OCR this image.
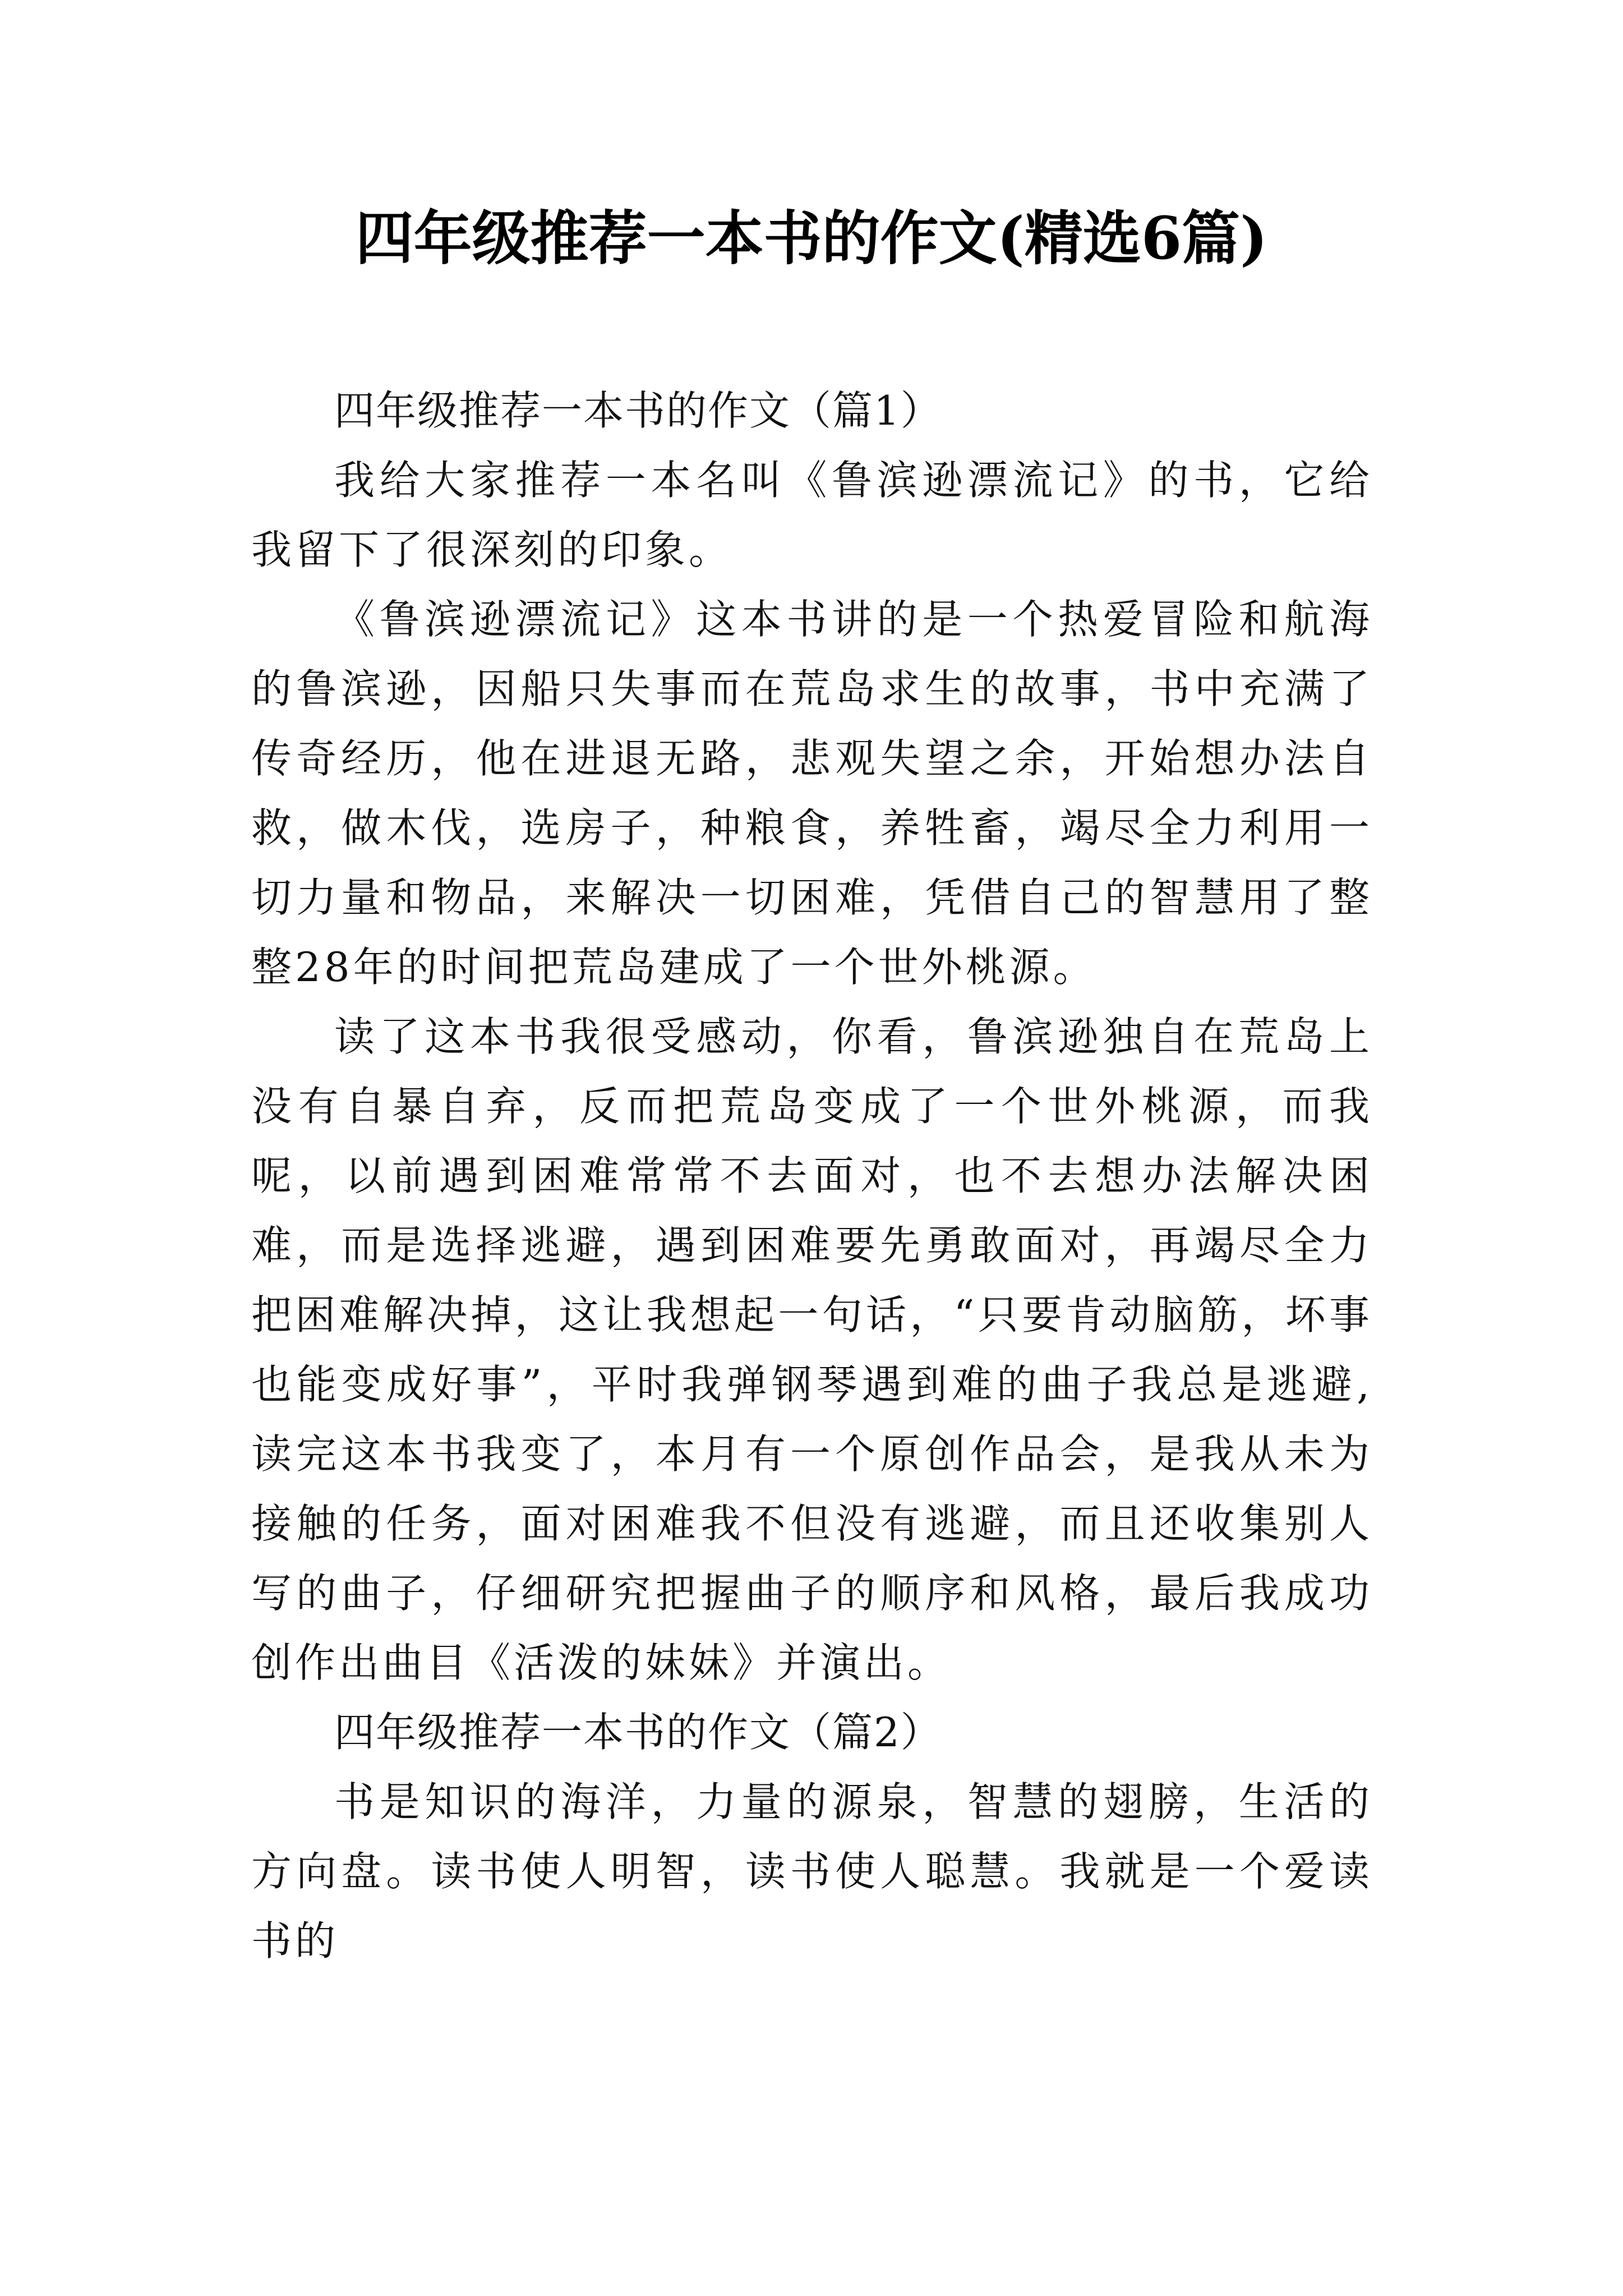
四年级推荐一本书的作文(精选6篇)

四年级推荐一本书的作文（篇1）

我给大家推荐一本名叫《鲁滨逊漂流记》的书，它给我留下了很深刻的印象。

《鲁滨逊漂流记》这本书讲的是一个热爱冒险和航海的鲁滨逊，因船只失事而在荒岛求生的故事，书中充满了传奇经历，他在进退无路，悲观失望之余，开始想办法自救，做木伐，选房子，种粮食，养牲畜，竭尽全力利用一切力量和物品，来解决一切困难，凭借自己的智慧用了整整28年的时间把荒岛建成了一个世外桃源。

读了这本书我很受感动，你看，鲁滨逊独自在荒岛上没有自暴自弃，反而把荒岛变成了一个世外桃源，而我呢，以前遇到困难常常不去面对，也不去想办法解决困难，而是选择逃避，遇到困难要先勇敢面对，再竭尽全力把困难解决掉，这让我想起一句话，“只要肯动脑筋，坏事也能变成好事”，平时我弹钢琴遇到难的曲子我总是逃避,读完这本书我变了，本月有一个原创作品会，是我从未为接触的任务，面对困难我不但没有逃避，而且还收集别人写的曲子，仔细研究把握曲子的顺序和风格，最后我成功创作出曲目《活泼的妹妹》并演出。

四年级推荐一本书的作文（篇2）

书是知识的海洋，力量的源泉，智慧的翅膀，生活的方向盘。读书使人明智，读书使人聪慧。我就是一个爱读书的
